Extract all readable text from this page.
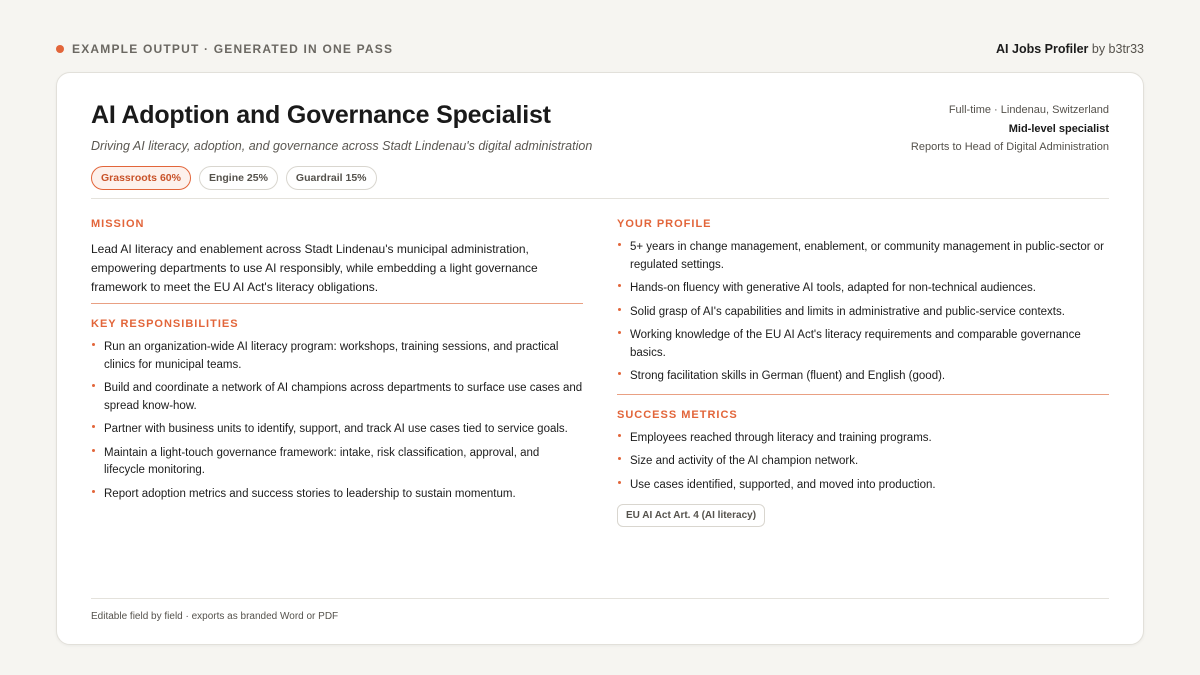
EXAMPLE OUTPUT · GENERATED IN ONE PASS	AI Jobs Profiler by b3tr33
AI Adoption and Governance Specialist
Driving AI literacy, adoption, and governance across Stadt Lindenau's digital administration
Grassroots 60%	Engine 25%	Guardrail 15%
Full-time · Lindenau, Switzerland
Mid-level specialist
Reports to Head of Digital Administration
MISSION

Lead AI literacy and enablement across Stadt Lindenau's municipal administration, empowering departments to use AI responsibly, while embedding a light governance framework to meet the EU AI Act's literacy obligations.

KEY RESPONSIBILITIES
Run an organization-wide AI literacy program: workshops, training sessions, and practical clinics for municipal teams.
Build and coordinate a network of AI champions across departments to surface use cases and spread know-how.
Partner with business units to identify, support, and track AI use cases tied to service goals.
Maintain a light-touch governance framework: intake, risk classification, approval, and lifecycle monitoring.
Report adoption metrics and success stories to leadership to sustain momentum.
YOUR PROFILE
5+ years in change management, enablement, or community management in public-sector or regulated settings.
Hands-on fluency with generative AI tools, adapted for non-technical audiences.
Solid grasp of AI's capabilities and limits in administrative and public-service contexts.
Working knowledge of the EU AI Act's literacy requirements and comparable governance basics.
Strong facilitation skills in German (fluent) and English (good).
SUCCESS METRICS
Employees reached through literacy and training programs.
Size and activity of the AI champion network.
Use cases identified, supported, and moved into production.
EU AI Act Art. 4 (AI literacy)
Editable field by field · exports as branded Word or PDF
